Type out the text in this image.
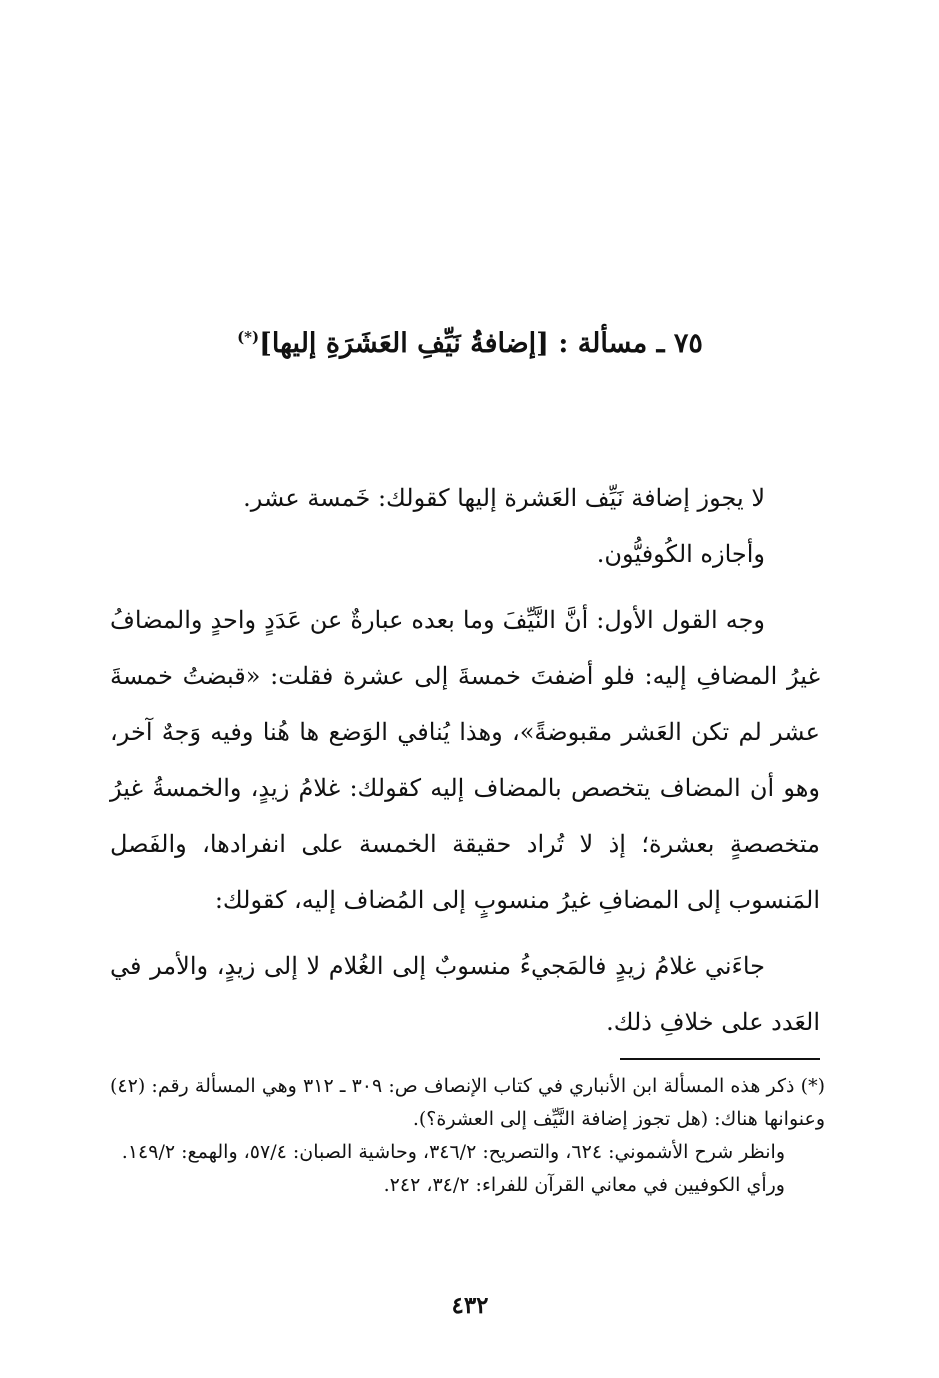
٧٥ ـ مسألة : [إضافةُ نَيِّفِ العَشَرَةِ إليها](*)

لا يجوز إضافة نَيِّف العَشرة إليها كقولك: خَمسة عشر.

وأجازه الكُوفيُّون.

وجه القول الأول: أنَّ النَّيِّفَ وما بعده عبارةٌ عن عَدَدٍ واحدٍ والمضافُ غيرُ المضافِ إليه: فلو أضفتَ خمسةَ إلى عشرة فقلت: «قبضتُ خمسةَ عشر لم تكن العَشر مقبوضةً»، وهذا يُنافي الوَضع ها هُنا وفيه وَجهٌ آخر، وهو أن المضاف يتخصص بالمضاف إليه كقولك: غلامُ زيدٍ، والخمسةُ غيرُ متخصصةٍ بعشرة؛ إذ لا تُراد حقيقة الخمسة على انفرادها، والفَصل المَنسوب إلى المضافِ غيرُ منسوبٍ إلى المُضاف إليه، كقولك:

جاءَني غلامُ زيدٍ فالمَجيءُ منسوبٌ إلى الغُلام لا إلى زيدٍ، والأمر في العَدد على خلافِ ذلك.

(*) ذكر هذه المسألة ابن الأنباري في كتاب الإنصاف ص: ٣٠٩ ـ ٣١٢ وهي المسألة رقم: (٤٢) وعنوانها هناك: (هل تجوز إضافة النَّيِّف إلى العشرة؟).

وانظر شرح الأشموني: ٦٢٤، والتصريح: ٣٤٦/٢، وحاشية الصبان: ٥٧/٤، والهمع: ١٤٩/٢.

ورأي الكوفيين في معاني القرآن للفراء: ٣٤/٢، ٢٤٢.

٤٣٢
